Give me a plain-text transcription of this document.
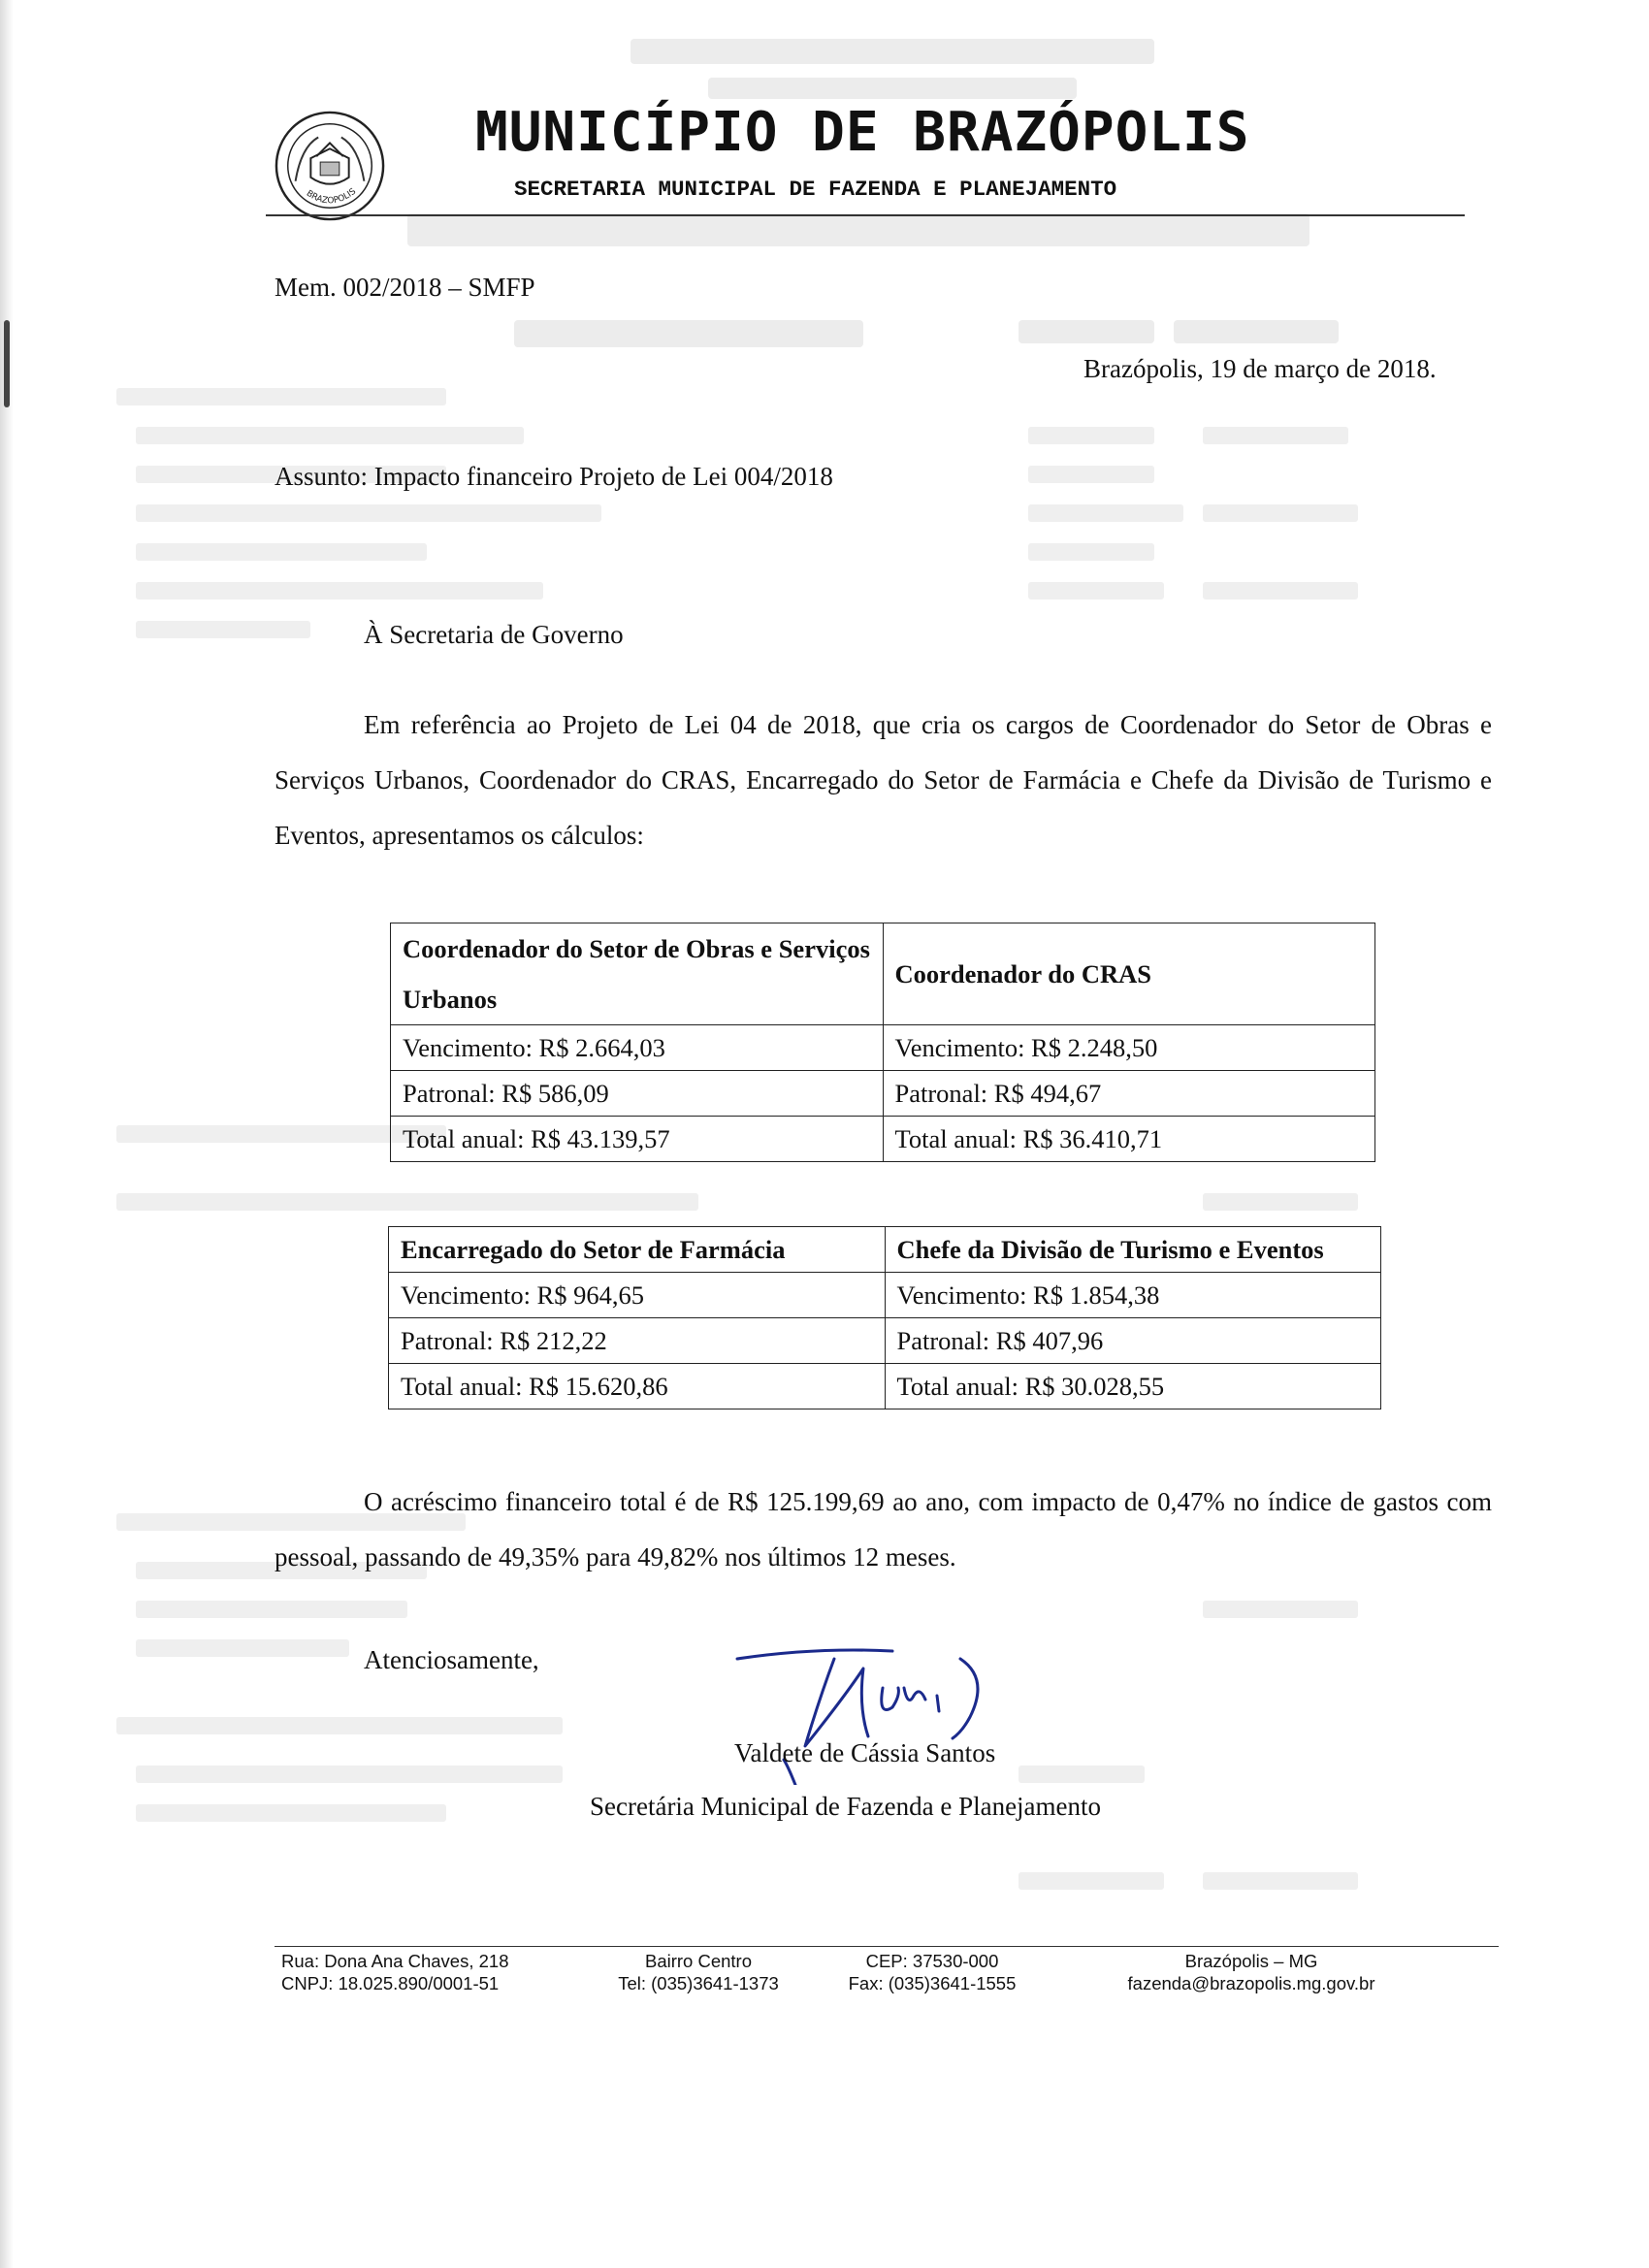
BRAZOPOLIS
MUNICÍPIO DE BRAZÓPOLIS
SECRETARIA MUNICIPAL DE FAZENDA E PLANEJAMENTO
Mem. 002/2018 – SMFP
Brazópolis, 19 de março de 2018.
Assunto: Impacto financeiro Projeto de Lei 004/2018
À Secretaria de Governo
Em referência ao Projeto de Lei 04 de 2018, que cria os cargos de Coordenador do Setor de Obras e Serviços Urbanos, Coordenador do CRAS, Encarregado do Setor de Farmácia e Chefe da Divisão de Turismo e Eventos, apresentamos os cálculos:
Coordenador do Setor de Obras e Serviços Urbanos	Coordenador do CRAS
Vencimento: R$ 2.664,03	Vencimento: R$ 2.248,50
Patronal: R$ 586,09	Patronal: R$ 494,67
Total anual: R$ 43.139,57	Total anual: R$ 36.410,71
Encarregado do Setor de Farmácia	Chefe da Divisão de Turismo e Eventos
Vencimento: R$ 964,65	Vencimento: R$ 1.854,38
Patronal: R$ 212,22	Patronal: R$ 407,96
Total anual: R$ 15.620,86	Total anual: R$ 30.028,55
O acréscimo financeiro total é de R$ 125.199,69 ao ano, com impacto de 0,47% no índice de gastos com pessoal, passando de 49,35% para 49,82% nos últimos 12 meses.
Atenciosamente,
Valdete de Cássia Santos
Secretária Municipal de Fazenda e Planejamento
Rua: Dona Ana Chaves, 218
CNPJ: 18.025.890/0001-51
Bairro Centro
Tel: (035)3641-1373
CEP: 37530-000
Fax: (035)3641-1555
Brazópolis – MG
fazenda@brazopolis.mg.gov.br
